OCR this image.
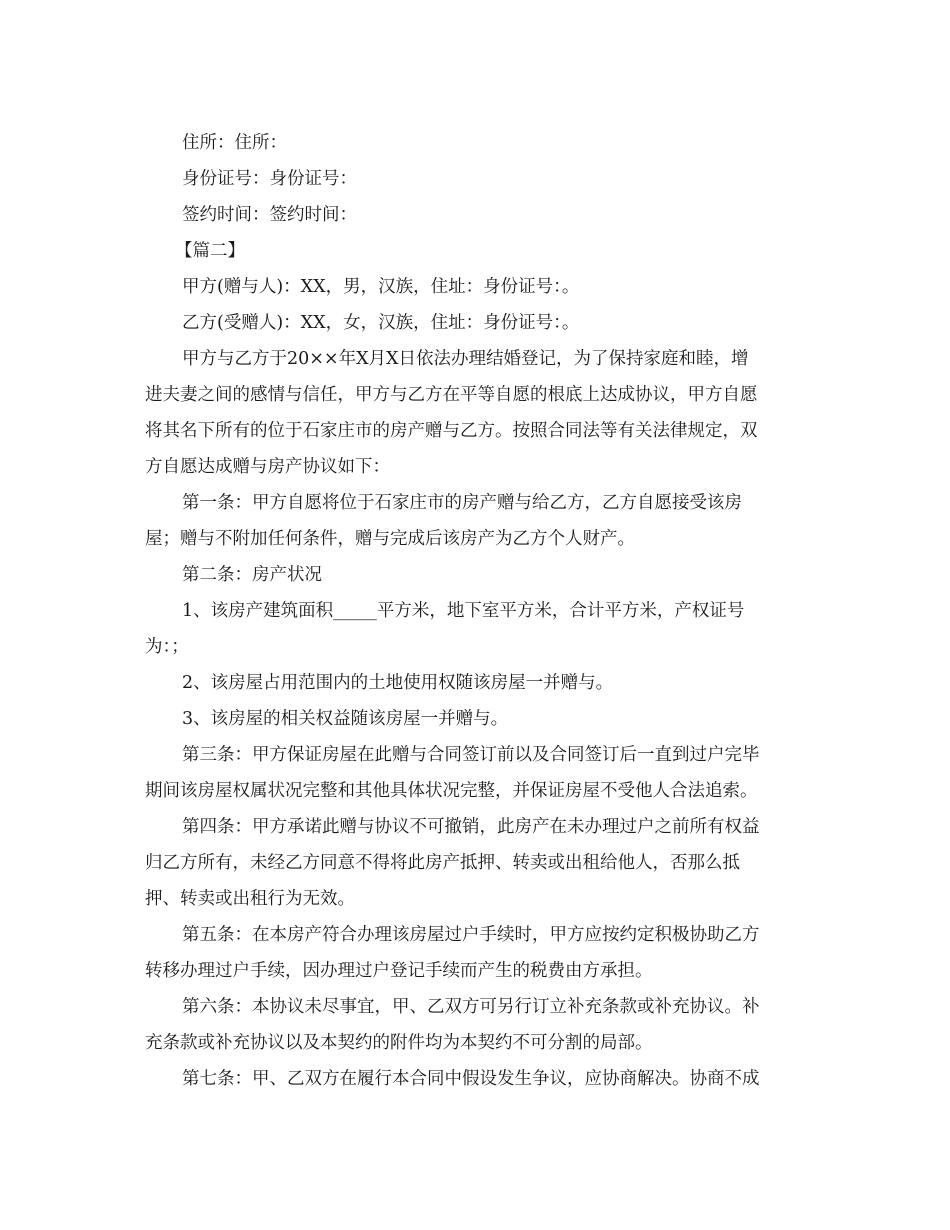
住所：住所：
身份证号：身份证号：
签约时间：签约时间：
【篇二】
甲方(赠与人)：XX，男，汉族，住址：身份证号：。
乙方(受赠人)：XX，女，汉族，住址：身份证号：。
甲方与乙方于20××年X月X日依法办理结婚登记，为了保持家庭和睦，增
进夫妻之间的感情与信任，甲方与乙方在平等自愿的根底上达成协议，甲方自愿
将其名下所有的位于石家庄市的房产赠与乙方。按照合同法等有关法律规定，双
方自愿达成赠与房产协议如下：
第一条：甲方自愿将位于石家庄市的房产赠与给乙方，乙方自愿接受该房
屋；赠与不附加任何条件，赠与完成后该房产为乙方个人财产。
第二条：房产状况
1、该房产建筑面积_____平方米，地下室平方米，合计平方米，产权证号
为：；
2、该房屋占用范围内的土地使用权随该房屋一并赠与。
3、该房屋的相关权益随该房屋一并赠与。
第三条：甲方保证房屋在此赠与合同签订前以及合同签订后一直到过户完毕
期间该房屋权属状况完整和其他具体状况完整，并保证房屋不受他人合法追索。
第四条：甲方承诺此赠与协议不可撤销，此房产在未办理过户之前所有权益
归乙方所有，未经乙方同意不得将此房产抵押、转卖或出租给他人，否那么抵
押、转卖或出租行为无效。
第五条：在本房产符合办理该房屋过户手续时，甲方应按约定积极协助乙方
转移办理过户手续，因办理过户登记手续而产生的税费由方承担。
第六条：本协议未尽事宜，甲、乙双方可另行订立补充条款或补充协议。补
充条款或补充协议以及本契约的附件均为本契约不可分割的局部。
第七条：甲、乙双方在履行本合同中假设发生争议，应协商解决。协商不成
